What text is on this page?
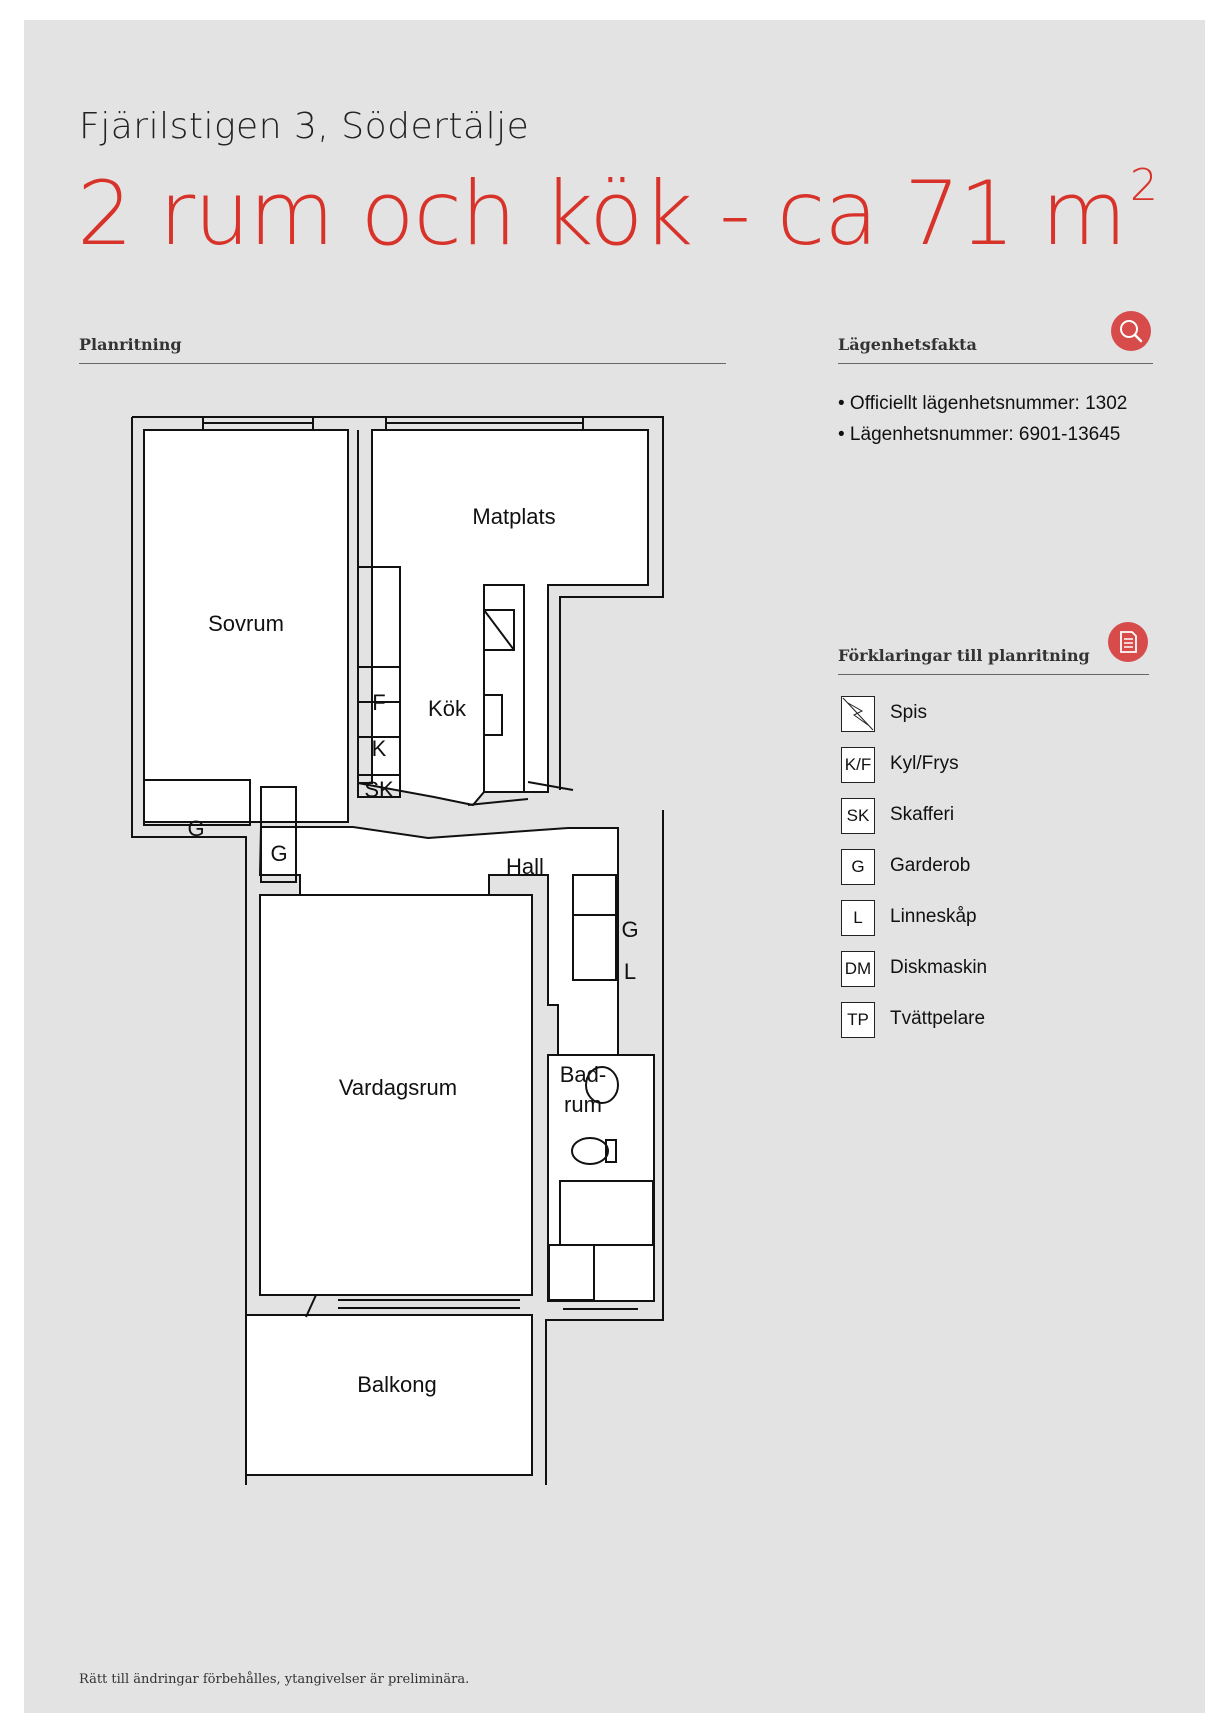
Fjärilstigen 3, Södertälje
2 rum och kök - ca 71 $m^2$
Planritning	Lägenhetsfakta
• Officiellt lägenhetsnummer: 1302
• Lägenhetsnummer: 6901-13645
Förklaringar till planritning
Spis
K/F Kyl/Frys
SK Skafferi
G	Garderob
L	Linneskåp
DM Diskmaskin
TP	Tvättpelare
Sovrum
Matplats
Kök
Hall
Vardagsrum
Bad-
rum
Balkong
F
K
SK
G
G
G
L
Rätt till ändringar förbehålles, ytangivelser är preliminära.
